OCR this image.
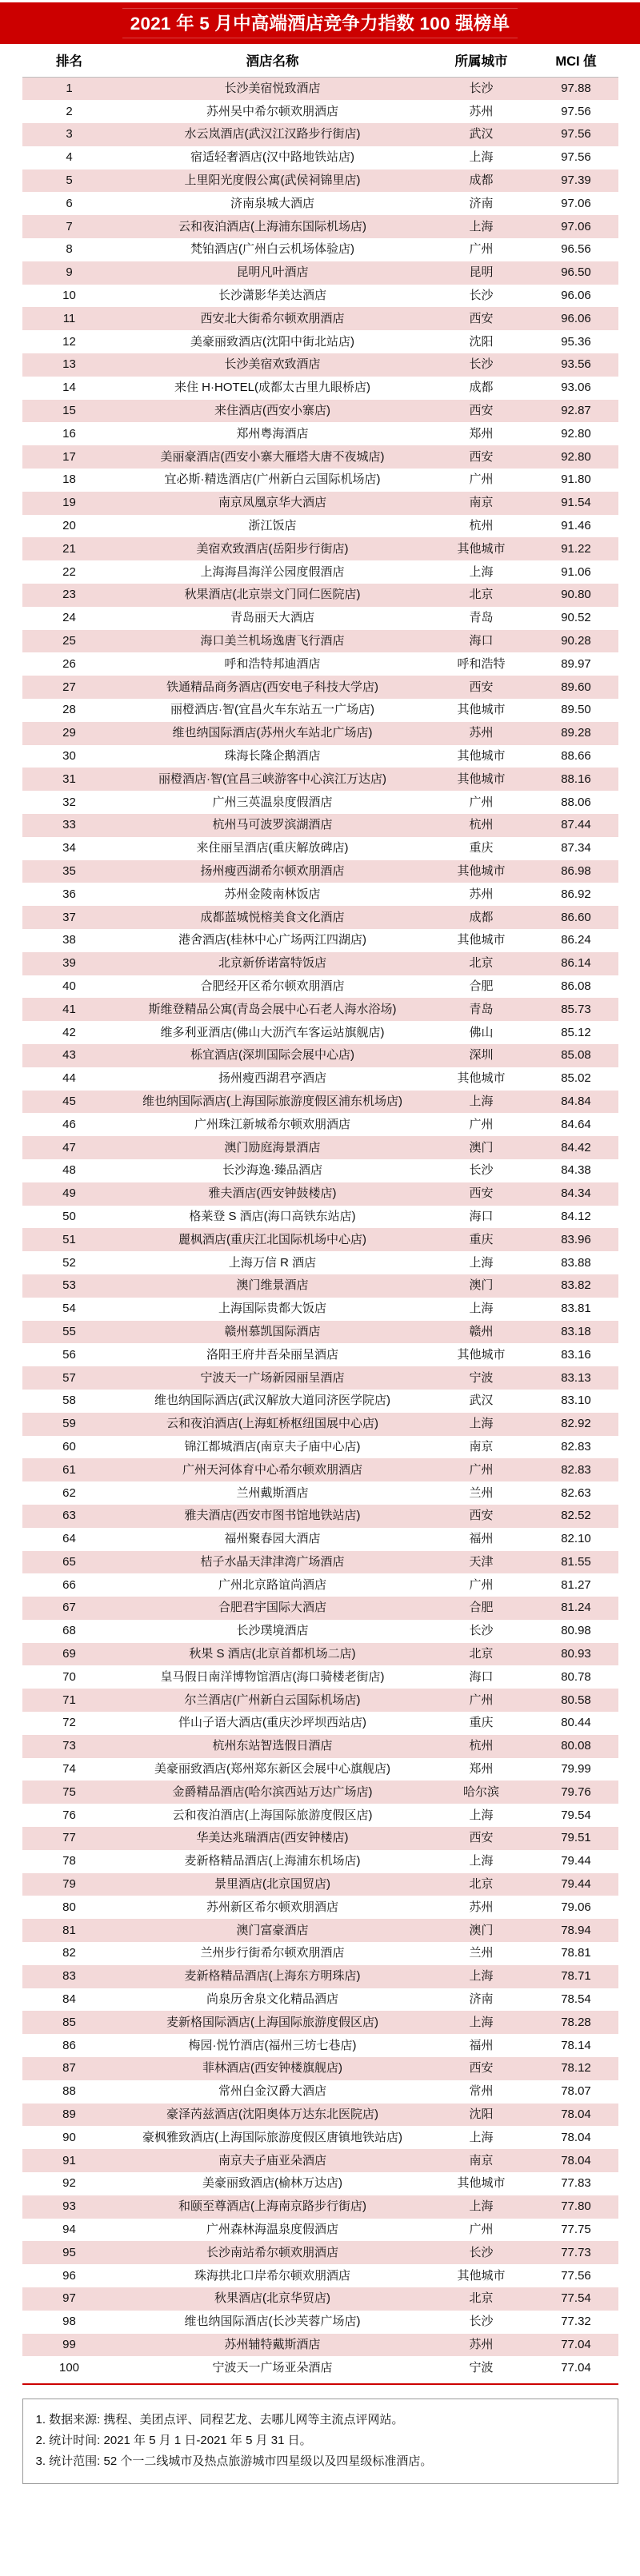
2021 年 5 月中高端酒店竞争力指数 100 强榜单
排名	酒店名称	所属城市	MCI 值
1	长沙美宿悦致酒店	长沙	97.88
2	苏州吴中希尔顿欢朋酒店	苏州	97.56
3	水云岚酒店(武汉江汉路步行街店)	武汉	97.56
4	宿适轻奢酒店(汉中路地铁站店)	上海	97.56
5	上里阳光度假公寓(武侯祠锦里店)	成都	97.39
6	济南泉城大酒店	济南	97.06
7	云和夜泊酒店(上海浦东国际机场店)	上海	97.06
8	梵铂酒店(广州白云机场体验店)	广州	96.56
9	昆明凡叶酒店	昆明	96.50
10	长沙潇影华美达酒店	长沙	96.06
11	西安北大街希尔顿欢朋酒店	西安	96.06
12	美豪丽致酒店(沈阳中街北站店)	沈阳	95.36
13	长沙美宿欢致酒店	长沙	93.56
14	来住 H·HOTEL(成都太古里九眼桥店)	成都	93.06
15	来住酒店(西安小寨店)	西安	92.87
16	郑州粤海酒店	郑州	92.80
17	美丽豪酒店(西安小寨大雁塔大唐不夜城店)	西安	92.80
18	宜必斯·精选酒店(广州新白云国际机场店)	广州	91.80
19	南京凤凰京华大酒店	南京	91.54
20	浙江饭店	杭州	91.46
21	美宿欢致酒店(岳阳步行街店)	其他城市	91.22
22	上海海昌海洋公园度假酒店	上海	91.06
23	秋果酒店(北京崇文门同仁医院店)	北京	90.80
24	青岛丽天大酒店	青岛	90.52
25	海口美兰机场逸唐飞行酒店	海口	90.28
26	呼和浩特邦迪酒店	呼和浩特	89.97
27	铁通精品商务酒店(西安电子科技大学店)	西安	89.60
28	丽橙酒店·智(宜昌火车东站五一广场店)	其他城市	89.50
29	维也纳国际酒店(苏州火车站北广场店)	苏州	89.28
30	珠海长隆企鹅酒店	其他城市	88.66
31	丽橙酒店·智(宜昌三峡游客中心滨江万达店)	其他城市	88.16
32	广州三英温泉度假酒店	广州	88.06
33	杭州马可波罗滨湖酒店	杭州	87.44
34	来住丽呈酒店(重庆解放碑店)	重庆	87.34
35	扬州瘦西湖希尔顿欢朋酒店	其他城市	86.98
36	苏州金陵南林饭店	苏州	86.92
37	成都蓝城悦榕美食文化酒店	成都	86.60
38	港舍酒店(桂林中心广场两江四湖店)	其他城市	86.24
39	北京新侨诺富特饭店	北京	86.14
40	合肥经开区希尔顿欢朋酒店	合肥	86.08
41	斯维登精品公寓(青岛会展中心石老人海水浴场)	青岛	85.73
42	维多利亚酒店(佛山大沥汽车客运站旗舰店)	佛山	85.12
43	栎宜酒店(深圳国际会展中心店)	深圳	85.08
44	扬州瘦西湖君亭酒店	其他城市	85.02
45	维也纳国际酒店(上海国际旅游度假区浦东机场店)	上海	84.84
46	广州珠江新城希尔顿欢朋酒店	广州	84.64
47	澳门励庭海景酒店	澳门	84.42
48	长沙海逸·臻品酒店	长沙	84.38
49	雅夫酒店(西安钟鼓楼店)	西安	84.34
50	格莱登 S 酒店(海口高铁东站店)	海口	84.12
51	麗枫酒店(重庆江北国际机场中心店)	重庆	83.96
52	上海万信 R 酒店	上海	83.88
53	澳门维景酒店	澳门	83.82
54	上海国际贵都大饭店	上海	83.81
55	赣州慕凯国际酒店	赣州	83.18
56	洛阳王府井吾朵丽呈酒店	其他城市	83.16
57	宁波天一广场新园丽呈酒店	宁波	83.13
58	维也纳国际酒店(武汉解放大道同济医学院店)	武汉	83.10
59	云和夜泊酒店(上海虹桥枢纽国展中心店)	上海	82.92
60	锦江都城酒店(南京夫子庙中心店)	南京	82.83
61	广州天河体育中心希尔顿欢朋酒店	广州	82.83
62	兰州戴斯酒店	兰州	82.63
63	雅夫酒店(西安市图书馆地铁站店)	西安	82.52
64	福州聚春园大酒店	福州	82.10
65	桔子水晶天津津湾广场酒店	天津	81.55
66	广州北京路谊尚酒店	广州	81.27
67	合肥君宇国际大酒店	合肥	81.24
68	长沙璞境酒店	长沙	80.98
69	秋果 S 酒店(北京首都机场二店)	北京	80.93
70	皇马假日南洋博物馆酒店(海口骑楼老街店)	海口	80.78
71	尔兰酒店(广州新白云国际机场店)	广州	80.58
72	伴山子语大酒店(重庆沙坪坝西站店)	重庆	80.44
73	杭州东站智选假日酒店	杭州	80.08
74	美豪丽致酒店(郑州郑东新区会展中心旗舰店)	郑州	79.99
75	金爵精品酒店(哈尔滨西站万达广场店)	哈尔滨	79.76
76	云和夜泊酒店(上海国际旅游度假区店)	上海	79.54
77	华美达兆瑞酒店(西安钟楼店)	西安	79.51
78	麦新格精品酒店(上海浦东机场店)	上海	79.44
79	景里酒店(北京国贸店)	北京	79.44
80	苏州新区希尔顿欢朋酒店	苏州	79.06
81	澳门富豪酒店	澳门	78.94
82	兰州步行街希尔顿欢朋酒店	兰州	78.81
83	麦新格精品酒店(上海东方明珠店)	上海	78.71
84	尚泉历舍泉文化精品酒店	济南	78.54
85	麦新格国际酒店(上海国际旅游度假区店)	上海	78.28
86	梅园·悦竹酒店(福州三坊七巷店)	福州	78.14
87	菲林酒店(西安钟楼旗舰店)	西安	78.12
88	常州白金汉爵大酒店	常州	78.07
89	豪泽芮兹酒店(沈阳奥体万达东北医院店)	沈阳	78.04
90	豪枫雅致酒店(上海国际旅游度假区唐镇地铁站店)	上海	78.04
91	南京夫子庙亚朵酒店	南京	78.04
92	美豪丽致酒店(榆林万达店)	其他城市	77.83
93	和颐至尊酒店(上海南京路步行街店)	上海	77.80
94	广州森林海温泉度假酒店	广州	77.75
95	长沙南站希尔顿欢朋酒店	长沙	77.73
96	珠海拱北口岸希尔顿欢朋酒店	其他城市	77.56
97	秋果酒店(北京华贸店)	北京	77.54
98	维也纳国际酒店(长沙芙蓉广场店)	长沙	77.32
99	苏州辅特戴斯酒店	苏州	77.04
100	宁波天一广场亚朵酒店	宁波	77.04
1. 数据来源: 携程、美团点评、同程艺龙、去哪儿网等主流点评网站。
2. 统计时间: 2021 年 5 月 1 日-2021 年 5 月 31 日。
3. 统计范围: 52 个一二线城市及热点旅游城市四星级以及四星级标准酒店。
